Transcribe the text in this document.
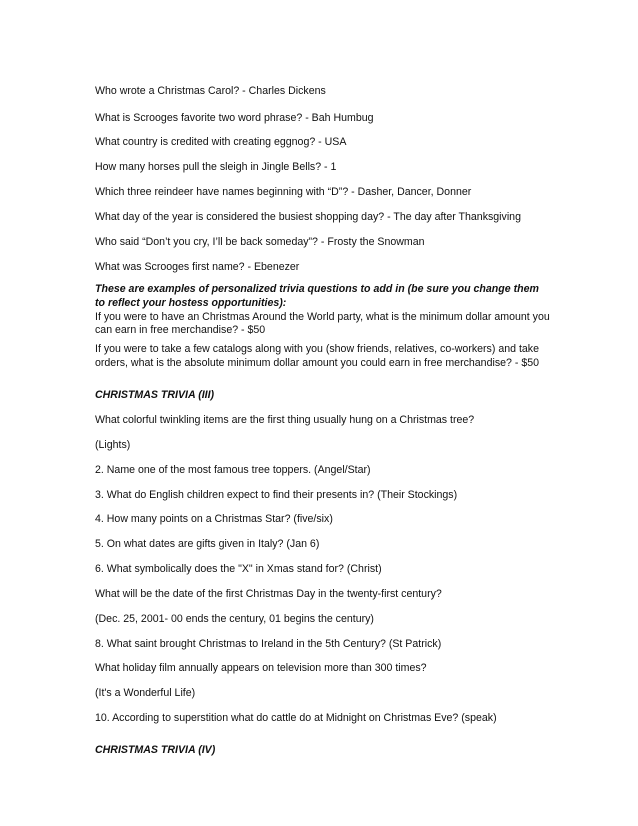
Who wrote a Christmas Carol? - Charles Dickens

What is Scrooges favorite two word phrase? - Bah Humbug

What country is credited with creating eggnog? - USA

How many horses pull the sleigh in Jingle Bells? - 1

Which three reindeer have names beginning with “D”? - Dasher, Dancer, Donner

What day of the year is considered the busiest shopping day? - The day after Thanksgiving

Who said “Don’t you cry, I’ll be back someday”? - Frosty the Snowman

What was Scrooges first name? - Ebenezer

These are examples of personalized trivia questions to add in (be sure you change them

to reflect your hostess opportunities):

If you were to have an Christmas Around the World party, what is the minimum dollar amount you

can earn in free merchandise? - $50

If you were to take a few catalogs along with you (show friends, relatives, co-workers) and take

orders, what is the absolute minimum dollar amount you could earn in free merchandise? - $50

CHRISTMAS TRIVIA (III)

What colorful twinkling items are the first thing usually hung on a Christmas tree?

(Lights)

2. Name one of the most famous tree toppers. (Angel/Star)

3. What do English children expect to find their presents in? (Their Stockings)

4. How many points on a Christmas Star? (five/six)

5. On what dates are gifts given in Italy? (Jan 6)

6. What symbolically does the "X" in Xmas stand for? (Christ)

What will be the date of the first Christmas Day in the twenty-first century?

(Dec. 25, 2001- 00 ends the century, 01 begins the century)

8. What saint brought Christmas to Ireland in the 5th Century? (St Patrick)

What holiday film annually appears on television more than 300 times?

(It's a Wonderful Life)

10. According to superstition what do cattle do at Midnight on Christmas Eve? (speak)

CHRISTMAS TRIVIA (IV)
